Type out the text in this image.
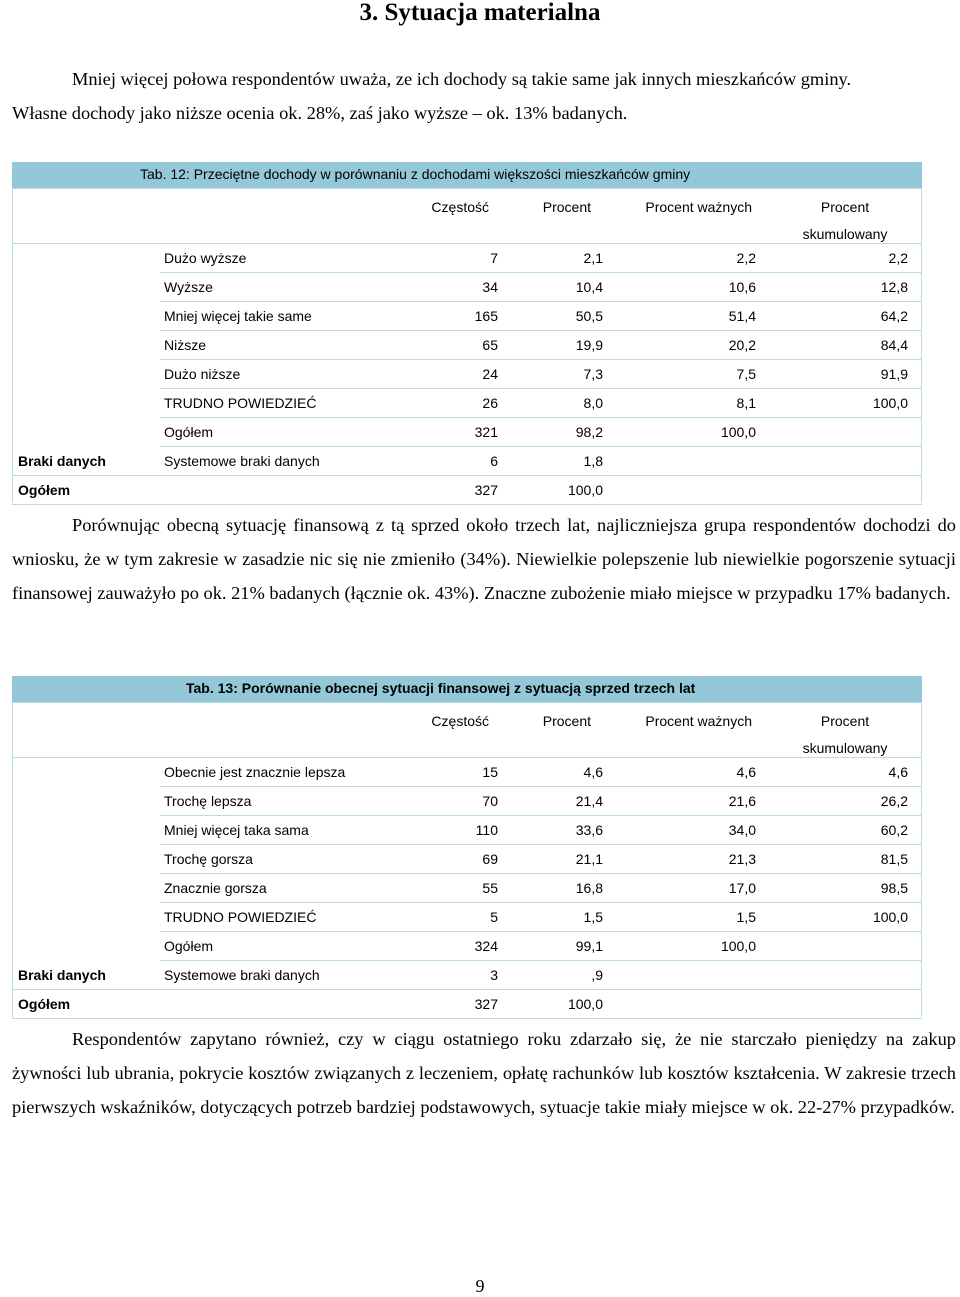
3. Sytuacja materialna

Mniej więcej połowa respondentów uważa, ze ich dochody są takie same jak innych mieszkańców gminy.
Własne dochody jako niższe ocenia ok. 28%, zaś jako wyższe – ok. 13% badanych.

Tab. 12: Przeciętne dochody w porównaniu z dochodami większości mieszkańców gminy
Częstość	Procent	Procent ważnych	Procent
skumulowany
Dużo wyższe	7	2,1	2,2	2,2
Wyższe	34	10,4	10,6	12,8
Mniej więcej takie same	165	50,5	51,4	64,2
Niższe	65	19,9	20,2	84,4
Dużo niższe	24	7,3	7,5	91,9
TRUDNO POWIEDZIEĆ	26	8,0	8,1	100,0
Ogółem	321	98,2	100,0
Braki danych	Systemowe braki danych	6	1,8
Ogółem	327	100,0

Porównując obecną sytuację finansową z tą sprzed około trzech lat, najliczniejsza grupa respondentów dochodzi do wniosku, że w tym zakresie w zasadzie nic się nie zmieniło (34%). Niewielkie polepszenie lub niewielkie pogorszenie sytuacji finansowej zauważyło po ok. 21% badanych (łącznie ok. 43%). Znaczne zubożenie miało miejsce w przypadku 17% badanych.

Tab. 13: Porównanie obecnej sytuacji finansowej z sytuacją sprzed trzech lat
Częstość	Procent	Procent ważnych	Procent
skumulowany
Obecnie jest znacznie lepsza	15	4,6	4,6	4,6
Trochę lepsza	70	21,4	21,6	26,2
Mniej więcej taka sama	110	33,6	34,0	60,2
Trochę gorsza	69	21,1	21,3	81,5
Znacznie gorsza	55	16,8	17,0	98,5
TRUDNO POWIEDZIEĆ	5	1,5	1,5	100,0
Ogółem	324	99,1	100,0
Braki danych	Systemowe braki danych	3	,9
Ogółem	327	100,0

Respondentów zapytano również, czy w ciągu ostatniego roku zdarzało się, że nie starczało pieniędzy na zakup żywności lub ubrania, pokrycie kosztów związanych z leczeniem, opłatę rachunków lub kosztów kształcenia. W zakresie trzech pierwszych wskaźników, dotyczących potrzeb bardziej podstawowych, sytuacje takie miały miejsce w ok. 22-27% przypadków.

9
